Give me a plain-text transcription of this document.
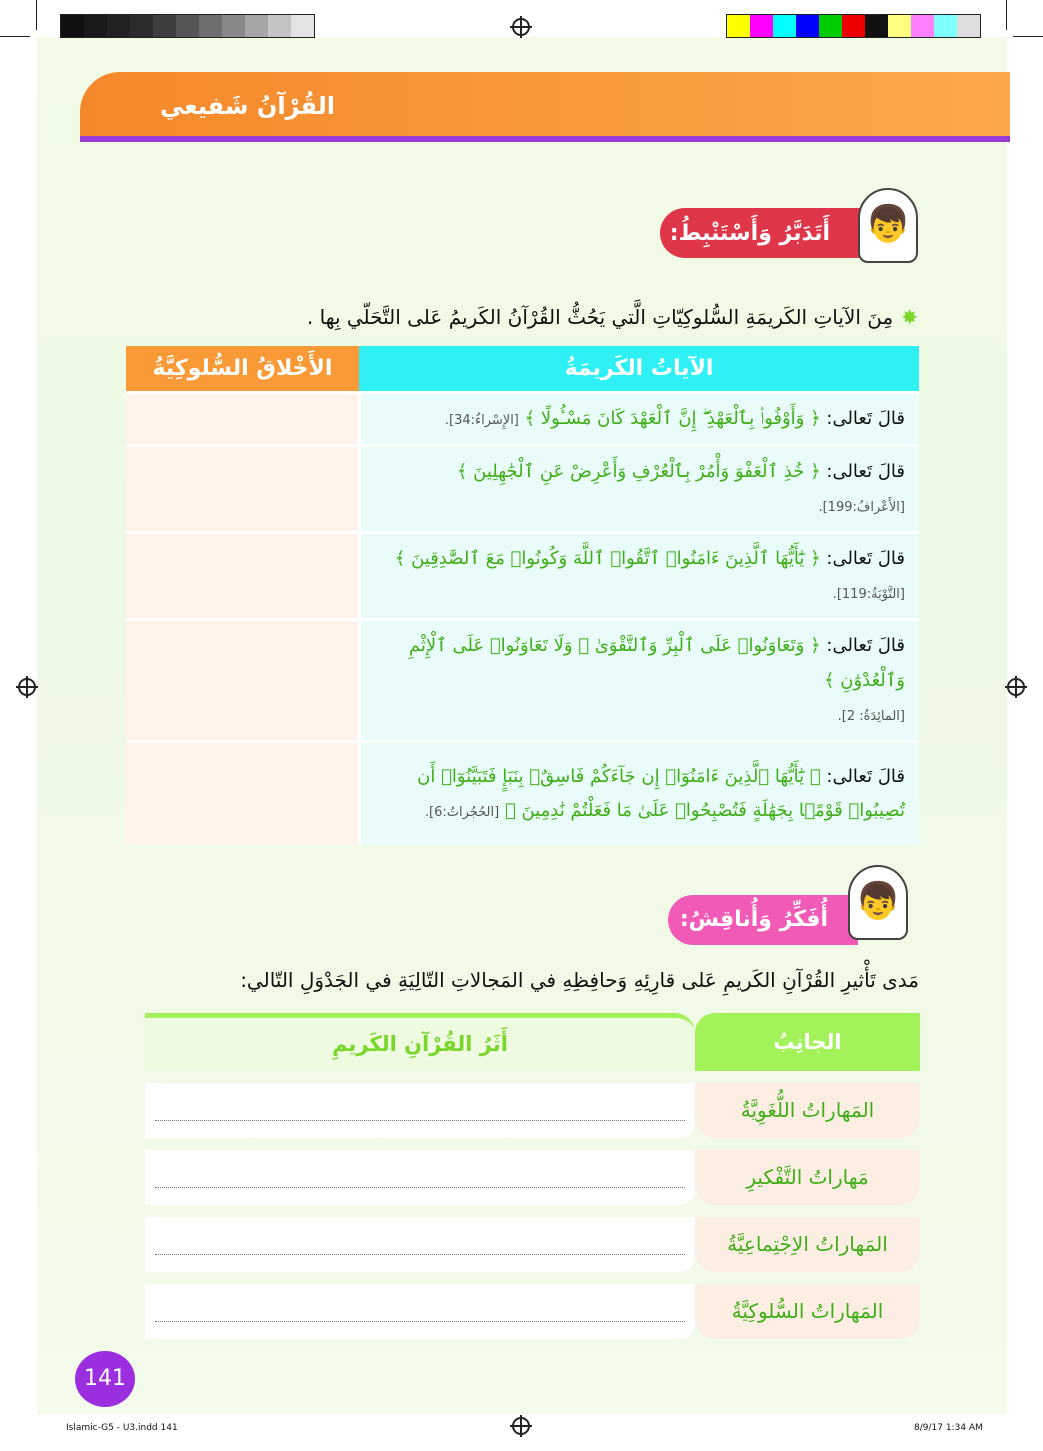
القُرْآنُ شَفيعي
أَتَدَبَّرُ وَأَسْتَنْبِطُ: 👦
✸مِنَ الآياتِ الكَريمَةِ السُّلوكِيّاتِ الَّتي يَحُثُّ القُرْآنُ الكَريمُ عَلى التَّحَلّي بِها .
الآياتُ الكَريمَةُ	الأَخْلاقُ السُّلوكِيَّةُ
قالَ تَعالى: ﴿ وَأَوْفُوا۟ بِٱلْعَهْدِ ۖ إِنَّ ٱلْعَهْدَ كَانَ مَسْـُٔولًا ﴾ [الإِسْراءُ:34].	
قالَ تَعالى: ﴿ خُذِ ٱلْعَفْوَ وَأْمُرْ بِٱلْعُرْفِ وَأَعْرِضْ عَنِ ٱلْجَٰهِلِينَ ﴾ [الأَعْرافُ:199].	
قالَ تَعالى: ﴿ يَٰٓأَيُّهَا ٱلَّذِينَ ءَامَنُوا۟ ٱتَّقُوا۟ ٱللَّهَ وَكُونُوا۟ مَعَ ٱلصَّٰدِقِينَ ﴾ [التَّوْبَةُ:119].	
قالَ تَعالى: ﴿ وَتَعَاوَنُوا۟ عَلَى ٱلْبِرِّ وَٱلتَّقْوَىٰ ۖ وَلَا تَعَاوَنُوا۟ عَلَى ٱلْإِثْمِ وَٱلْعُدْوَٰنِ ﴾
[المائِدَةُ: 2].	
قالَ تَعالى: ﴿ يَٰٓأَيُّهَا ٱلَّذِينَ ءَامَنُوٓا۟ إِن جَآءَكُمْ فَاسِقٌۢ بِنَبَإٍ فَتَبَيَّنُوٓا۟ أَن تُصِيبُوا۟ قَوْمًۢا بِجَهَٰلَةٍ فَتُصْبِحُوا۟ عَلَىٰ مَا فَعَلْتُمْ نَٰدِمِينَ ﴾ [الحُجُراتُ:6].	
أُفَكِّرُ وَأُناقِشُ: 👦
مَدى تَأْثيرِ القُرْآنِ الكَريمِ عَلى قارِئِهِ وَحافِظِهِ في المَجالاتِ التّالِيَةِ في الجَدْوَلِ التّالي:
الجانِبُ	أَثَرُ القُرْآنِ الكَريمِ
المَهاراتُ اللُّغَوِيَّةُ	

مَهاراتُ التَّفْكيرِ	

المَهاراتُ الاِجْتِماعِيَّةُ	

المَهاراتُ السُّلوكِيَّةُ	
141
Islamic-G5 - U3.indd 141	8/9/17 1:34 AM
